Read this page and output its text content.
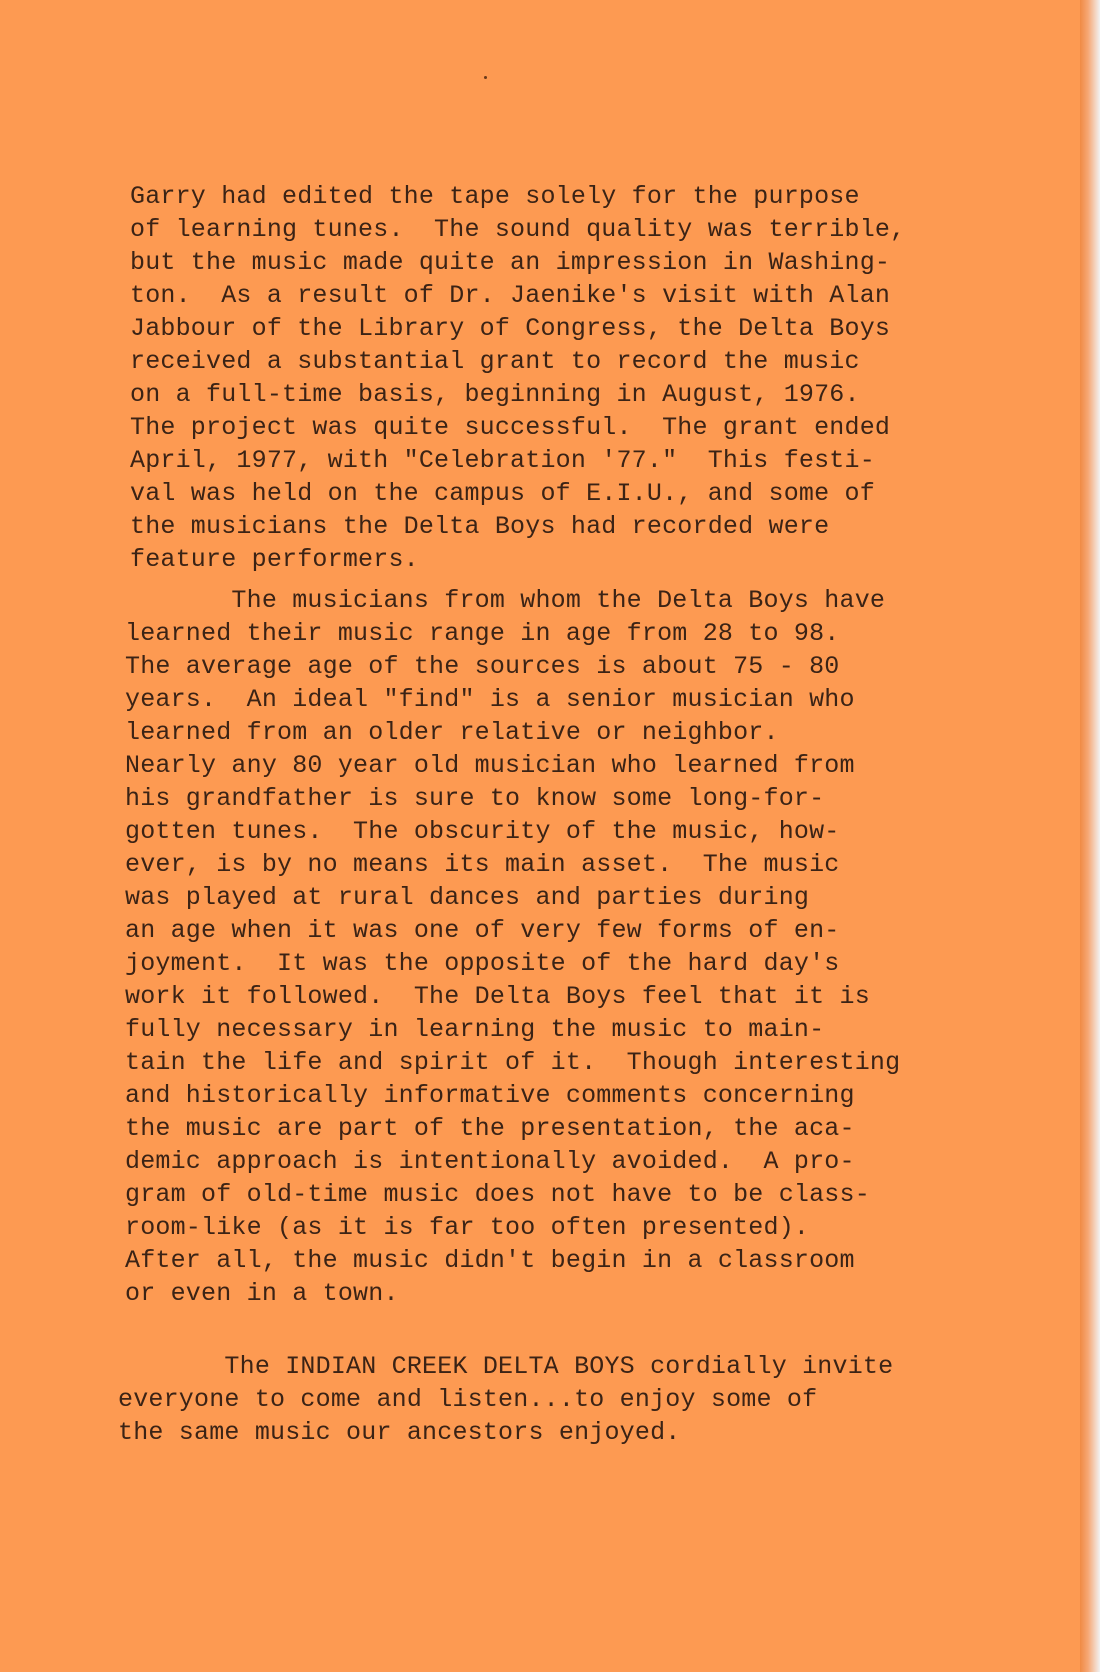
Garry had edited the tape solely for the purpose
of learning tunes.  The sound quality was terrible,
but the music made quite an impression in Washing-
ton.  As a result of Dr. Jaenike's visit with Alan
Jabbour of the Library of Congress, the Delta Boys
received a substantial grant to record the music
on a full-time basis, beginning in August, 1976.
The project was quite successful.  The grant ended
April, 1977, with "Celebration '77."  This festi-
val was held on the campus of E.I.U., and some of
the musicians the Delta Boys had recorded were
feature performers.

The musicians from whom the Delta Boys have
learned their music range in age from 28 to 98.
The average age of the sources is about 75 - 80
years.  An ideal "find" is a senior musician who
learned from an older relative or neighbor.
Nearly any 80 year old musician who learned from
his grandfather is sure to know some long-for-
gotten tunes.  The obscurity of the music, how-
ever, is by no means its main asset.  The music
was played at rural dances and parties during
an age when it was one of very few forms of en-
joyment.  It was the opposite of the hard day's
work it followed.  The Delta Boys feel that it is
fully necessary in learning the music to main-
tain the life and spirit of it.  Though interesting
and historically informative comments concerning
the music are part of the presentation, the aca-
demic approach is intentionally avoided.  A pro-
gram of old-time music does not have to be class-
room-like (as it is far too often presented).
After all, the music didn't begin in a classroom
or even in a town.

The INDIAN CREEK DELTA BOYS cordially invite
everyone to come and listen...to enjoy some of
the same music our ancestors enjoyed.
